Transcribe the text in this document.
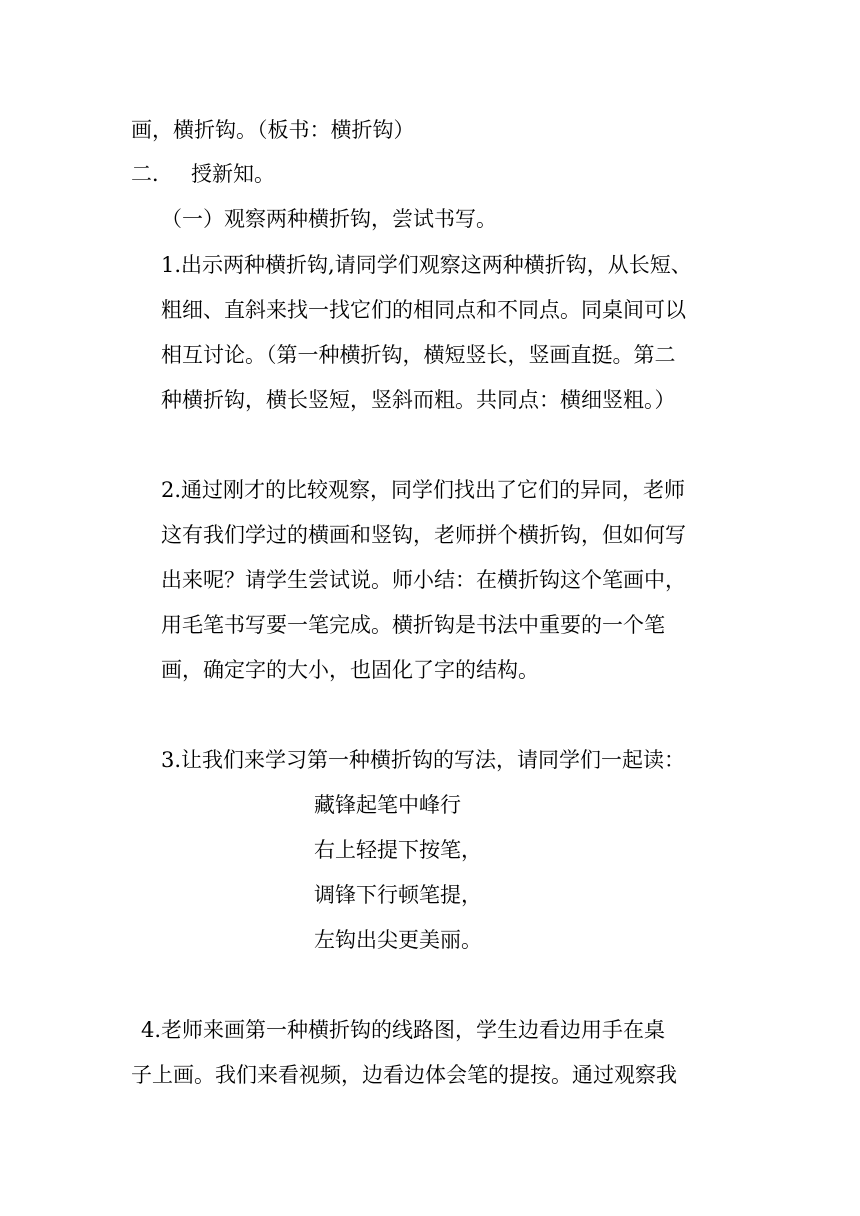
画，横折钩。（板书：横折钩）
二． 授新知。
（一）观察两种横折钩，尝试书写。
1.出示两种横折钩,请同学们观察这两种横折钩，从长短、
粗细、直斜来找一找它们的相同点和不同点。同桌间可以
相互讨论。（第一种横折钩，横短竖长，竖画直挺。第二
种横折钩，横长竖短，竖斜而粗。共同点：横细竖粗。）
2.通过刚才的比较观察，同学们找出了它们的异同，老师
这有我们学过的横画和竖钩，老师拼个横折钩，但如何写
出来呢？请学生尝试说。师小结：在横折钩这个笔画中，
用毛笔书写要一笔完成。横折钩是书法中重要的一个笔
画，确定字的大小，也固化了字的结构。
3.让我们来学习第一种横折钩的写法，请同学们一起读：
藏锋起笔中峰行
右上轻提下按笔，
调锋下行顿笔提，
左钩出尖更美丽。
4.老师来画第一种横折钩的线路图，学生边看边用手在桌
子上画。我们来看视频，边看边体会笔的提按。通过观察我
